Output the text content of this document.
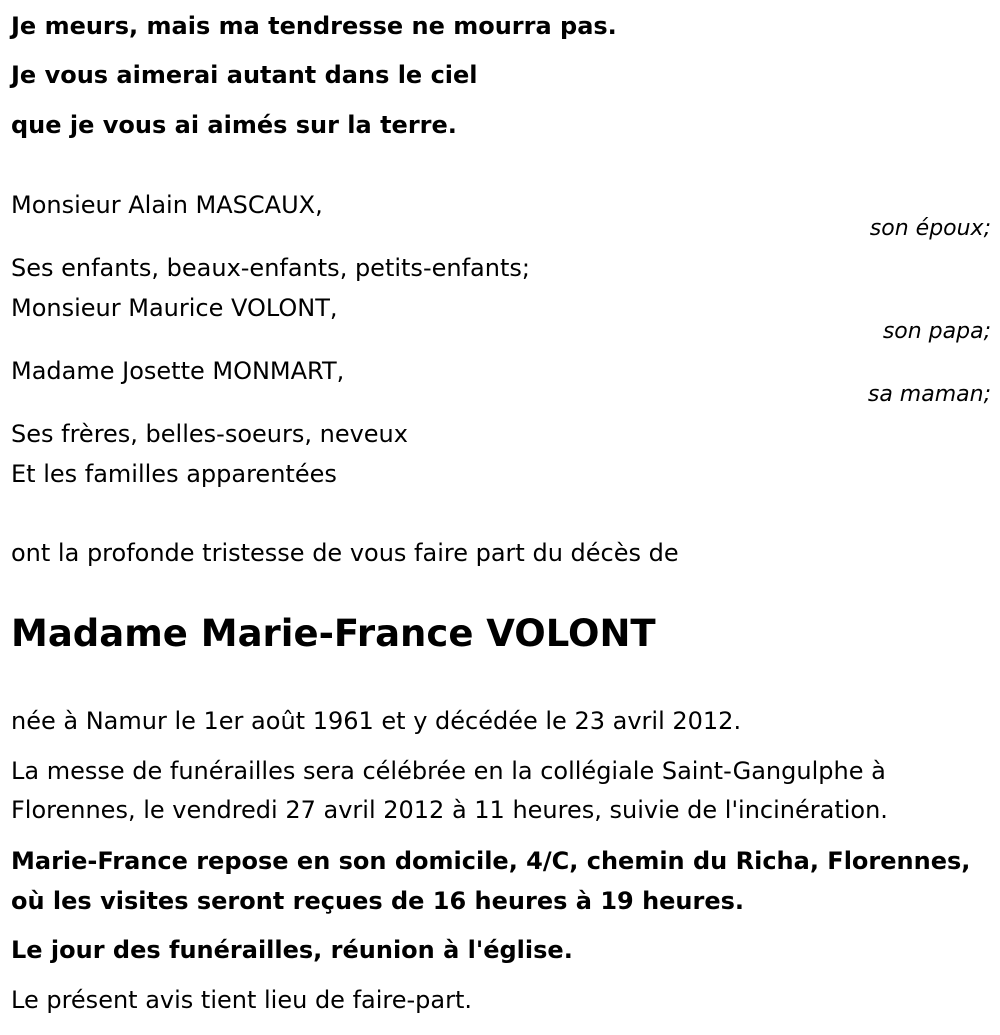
Je meurs, mais ma tendresse ne mourra pas.
Je vous aimerai autant dans le ciel
que je vous ai aimés sur la terre.
Monsieur Alain MASCAUX,
son époux;
Ses enfants, beaux-enfants, petits-enfants;
Monsieur Maurice VOLONT,
son papa;
Madame Josette MONMART,
sa maman;
Ses frères, belles-soeurs, neveux
Et les familles apparentées
ont la profonde tristesse de vous faire part du décès de
Madame Marie-France VOLONT
née à Namur le 1er août 1961 et y décédée le 23 avril 2012.
La messe de funérailles sera célébrée en la collégiale Saint-Gangulphe à
Florennes, le vendredi 27 avril 2012 à 11 heures, suivie de l'incinération.
Marie-France repose en son domicile, 4/C, chemin du Richa, Florennes,
où les visites seront reçues de 16 heures à 19 heures.
Le jour des funérailles, réunion à l'église.
Le présent avis tient lieu de faire-part.
